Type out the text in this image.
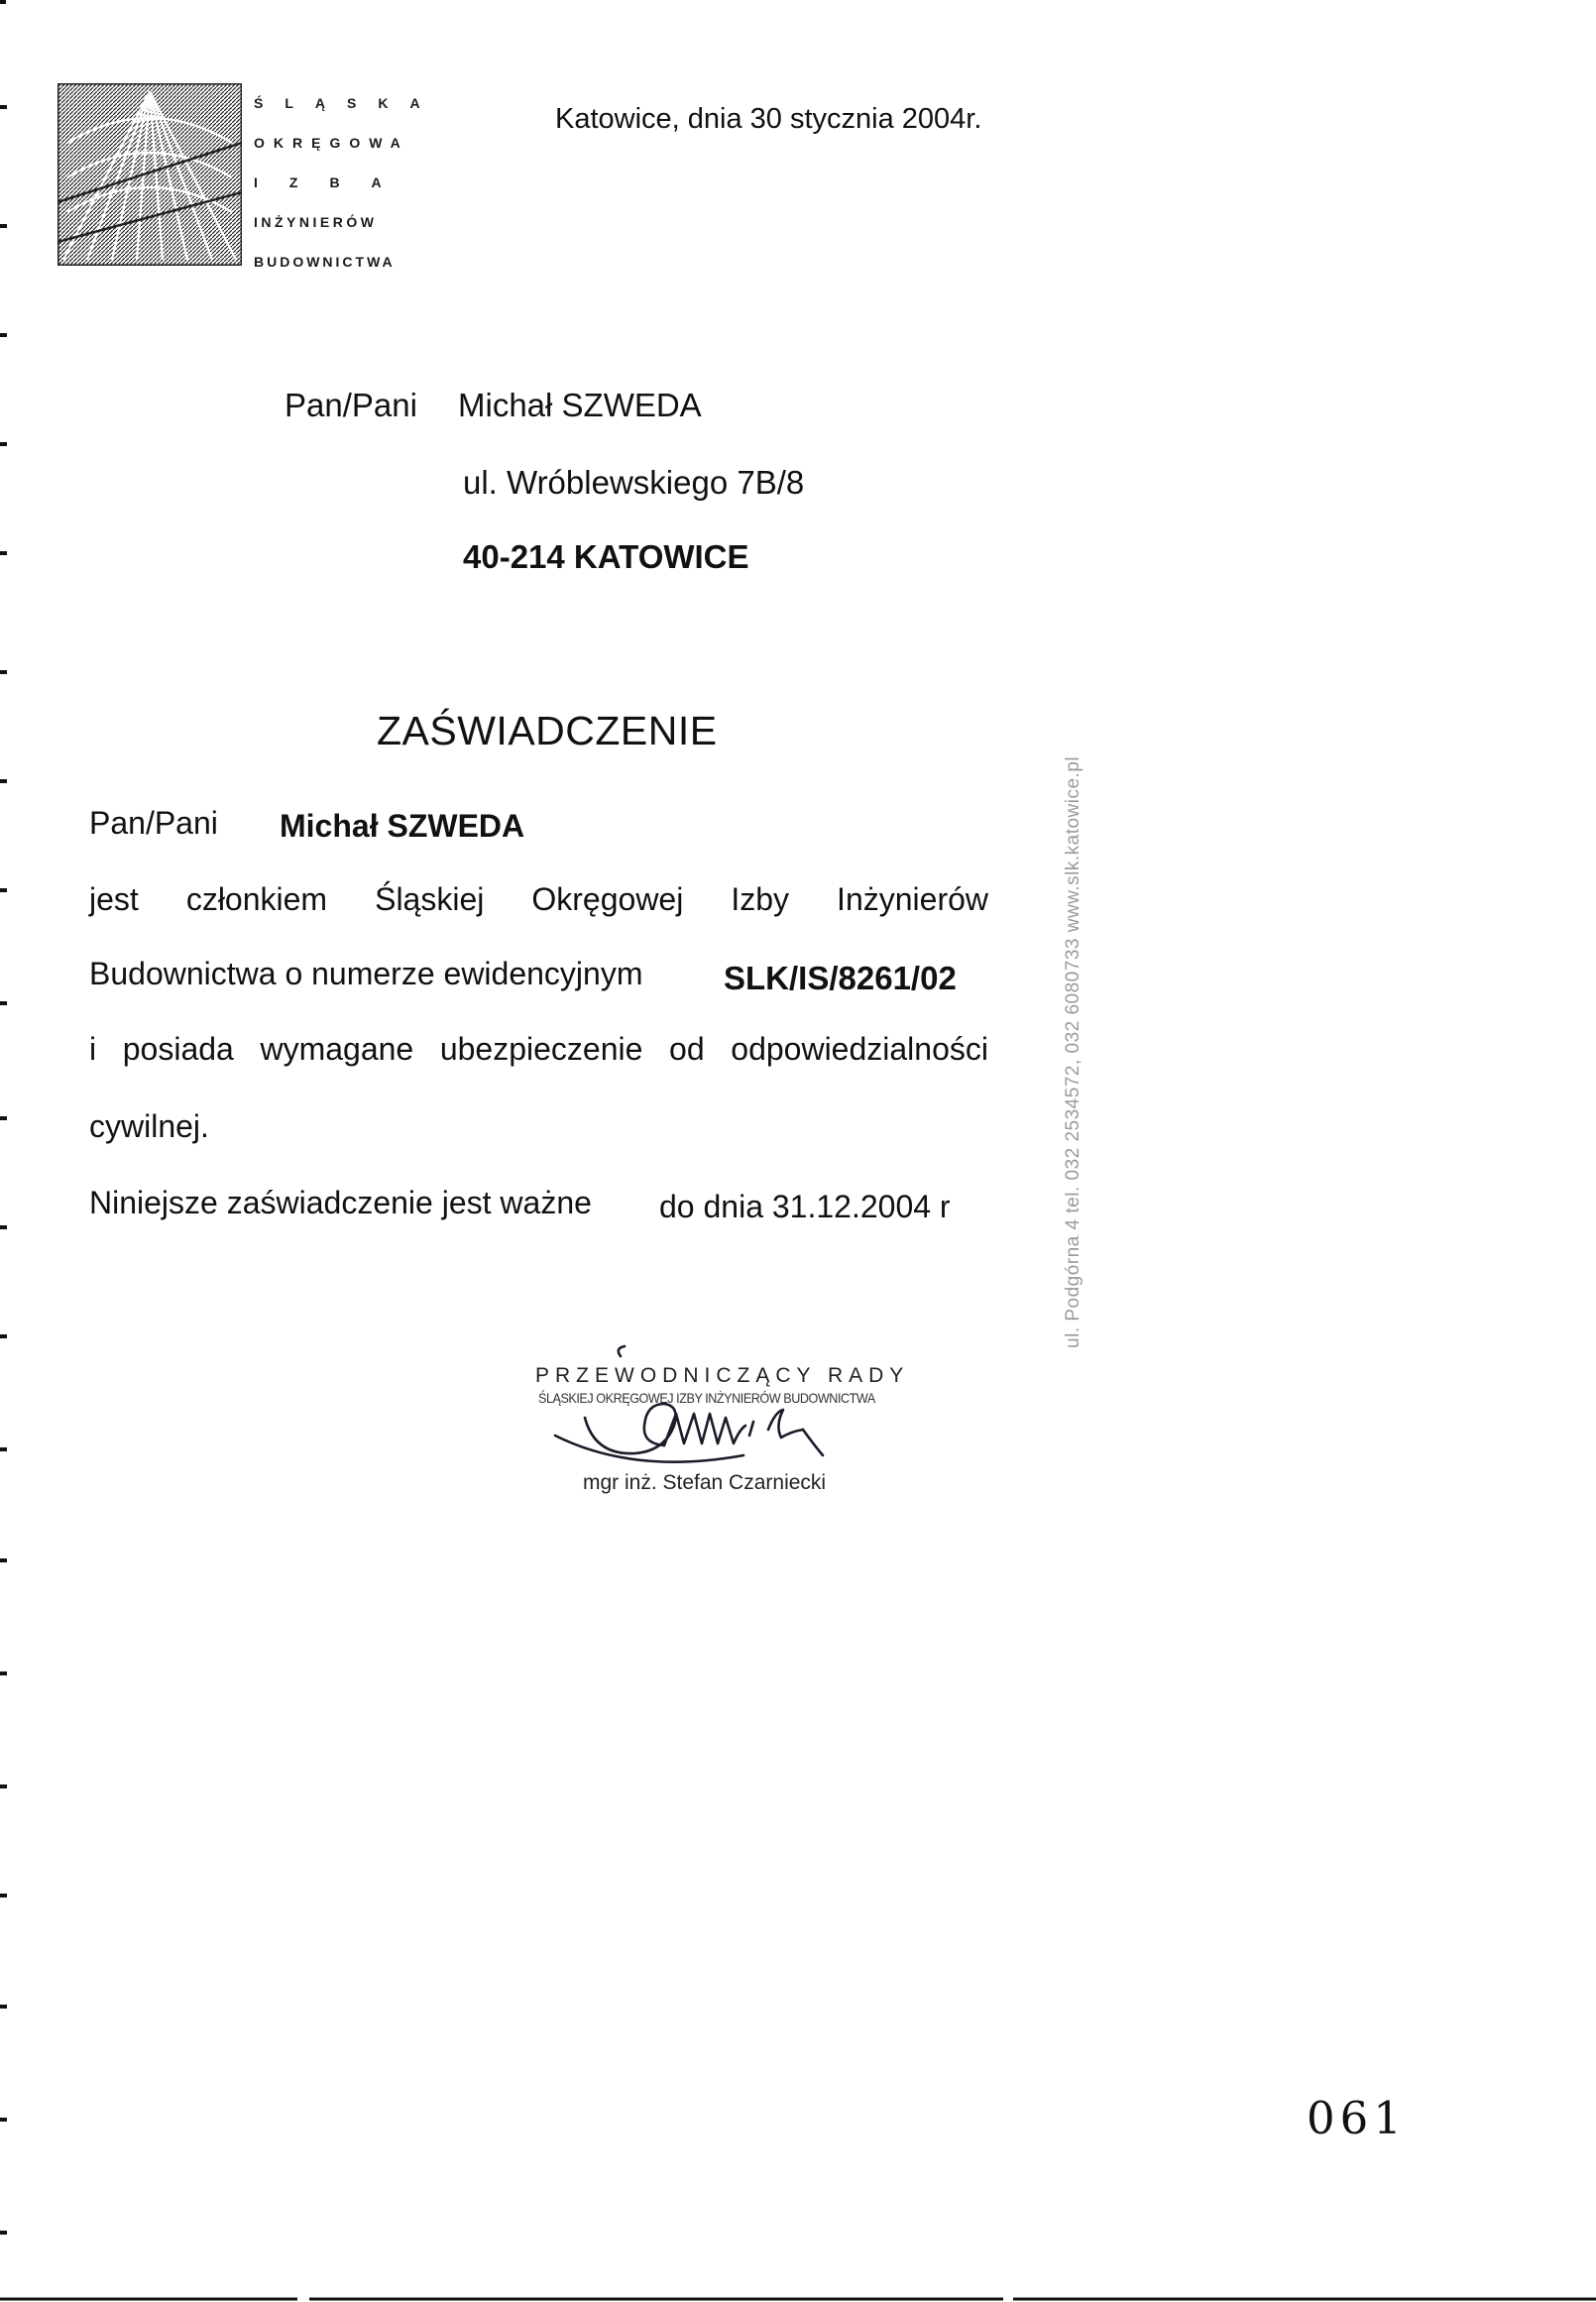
ŚLĄSKA
OKRĘGOWA
IZBA
INŻYNIERÓW
BUDOWNICTWA
Katowice, dnia 30 stycznia 2004r.
Pan/Pani Michał SZWEDA
ul. Wróblewskiego 7B/8
40-214 KATOWICE
ZAŚWIADCZENIE
Pan/Pani Michał SZWEDA
jest członkiem Śląskiej Okręgowej Izby Inżynierów
Budownictwa o numerze ewidencyjnym SLK/IS/8261/02
i posiada wymagane ubezpieczenie od odpowiedzialności
cywilnej.
Niniejsze zaświadczenie jest ważne do dnia 31.12.2004 r
PRZEWODNICZĄCY RADY
ŚLĄSKIEJ OKRĘGOWEJ IZBY INŻYNIERÓW BUDOWNICTWA
mgr inż. Stefan Czarniecki
ul. Podgórna 4 tel. 032 2534572, 032 6080733 www.slk.katowice.pl
061
